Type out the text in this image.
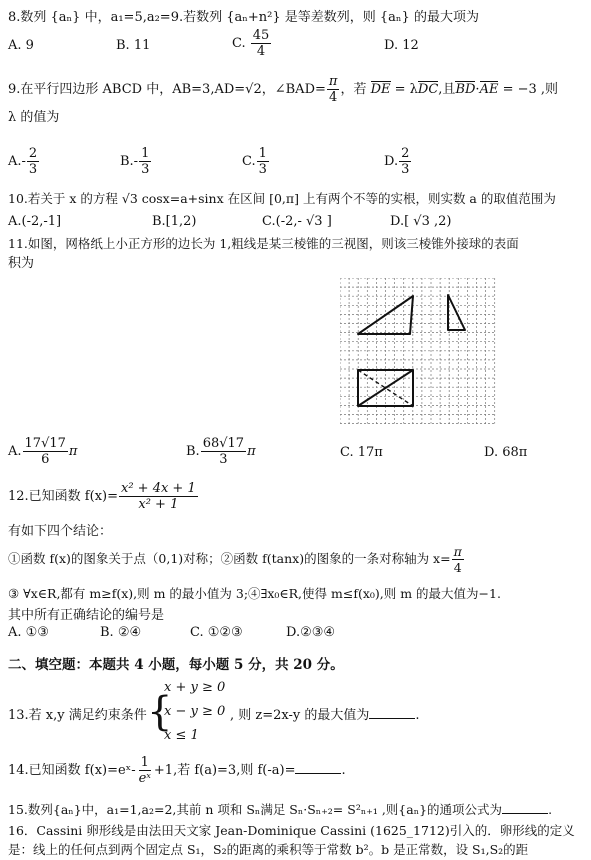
8.数列 {aₙ} 中，a₁=5,a₂=9.若数列 {aₙ+n²} 是等差数列，则 {aₙ} 的最大项为
A. 9	B. 11	C. $\frac{45}{4}$	D. 12
9.在平行四边形 ABCD 中，AB=3,AD=√2，∠BAD= $\frac{\pi}{4}$ ，若 DE = λDC,且BD·AE = −3 ,则
λ 的值为
$A.- \frac{2}{3}$	$B.- \frac{1}{3}$	C. $\frac{1}{3}$	D. $\frac{2}{3}$
10.若关于 x 的方程 √3 cosx=a+sinx 在区间 [0,π] 上有两个不等的实根，则实数 a 的取值范围为
A.(-2,-1]	B.[1,2)	C.(-2,- √3 ]	D.[ √3 ,2)
11.如图，网格纸上小正方形的边长为 1,粗线是某三棱锥的三视图，则该三棱锥外接球的表面
积为
A. $\frac{17√17}{6}$ π	B. $\frac{68√17}{3}$ π	C. 17π	D. 68π
12.已知函数 $f(x)= \frac{\text{x² + 4x + 1}}{\text{x² + 1}}$
有如下四个结论：
①函数 f(x)的图象关于点（0,1)对称；②函数 f(tanx)的图象的一条对称轴为 $x= \frac{\pi}{4}$
③ ∀x∈R,都有 m≥f(x),则 m 的最小值为 3;④∃x₀∈R,使得 m≤f(x₀),则 m 的最大值为−1.
其中所有正确结论的编号是
A. ①③	B. ②④	C. ①②③	D.②③④
二、填空题：本题共 4 小题，每小题 5 分，共 20 分。
13.若 x,y 满足约束条件 {
x + y ≥ 0
x − y ≥ 0
x ≤ 1
, 则 z=2x-y 的最大值为	.
14.已知函数 f(x)=eˣ- $\frac{1}{\text{eˣ}} +1$,若 f(a)=3,则 f(-a)=	.
15.数列{aₙ}中，a₁=1,a₂=2,其前 n 项和 Sₙ满足 Sₙ·Sₙ₊₂= S²ₙ₊₁ ,则{aₙ}的通项公式为	.
16．Cassini 卵形线是由法田天文家 Jean-Dominique Cassini (1625_1712)引入的．卵形线的定义
是：线上的任何点到两个固定点 S₁，S₂的距离的乘积等于常数 b²。b 是正常数，设 S₁,S₂的距
